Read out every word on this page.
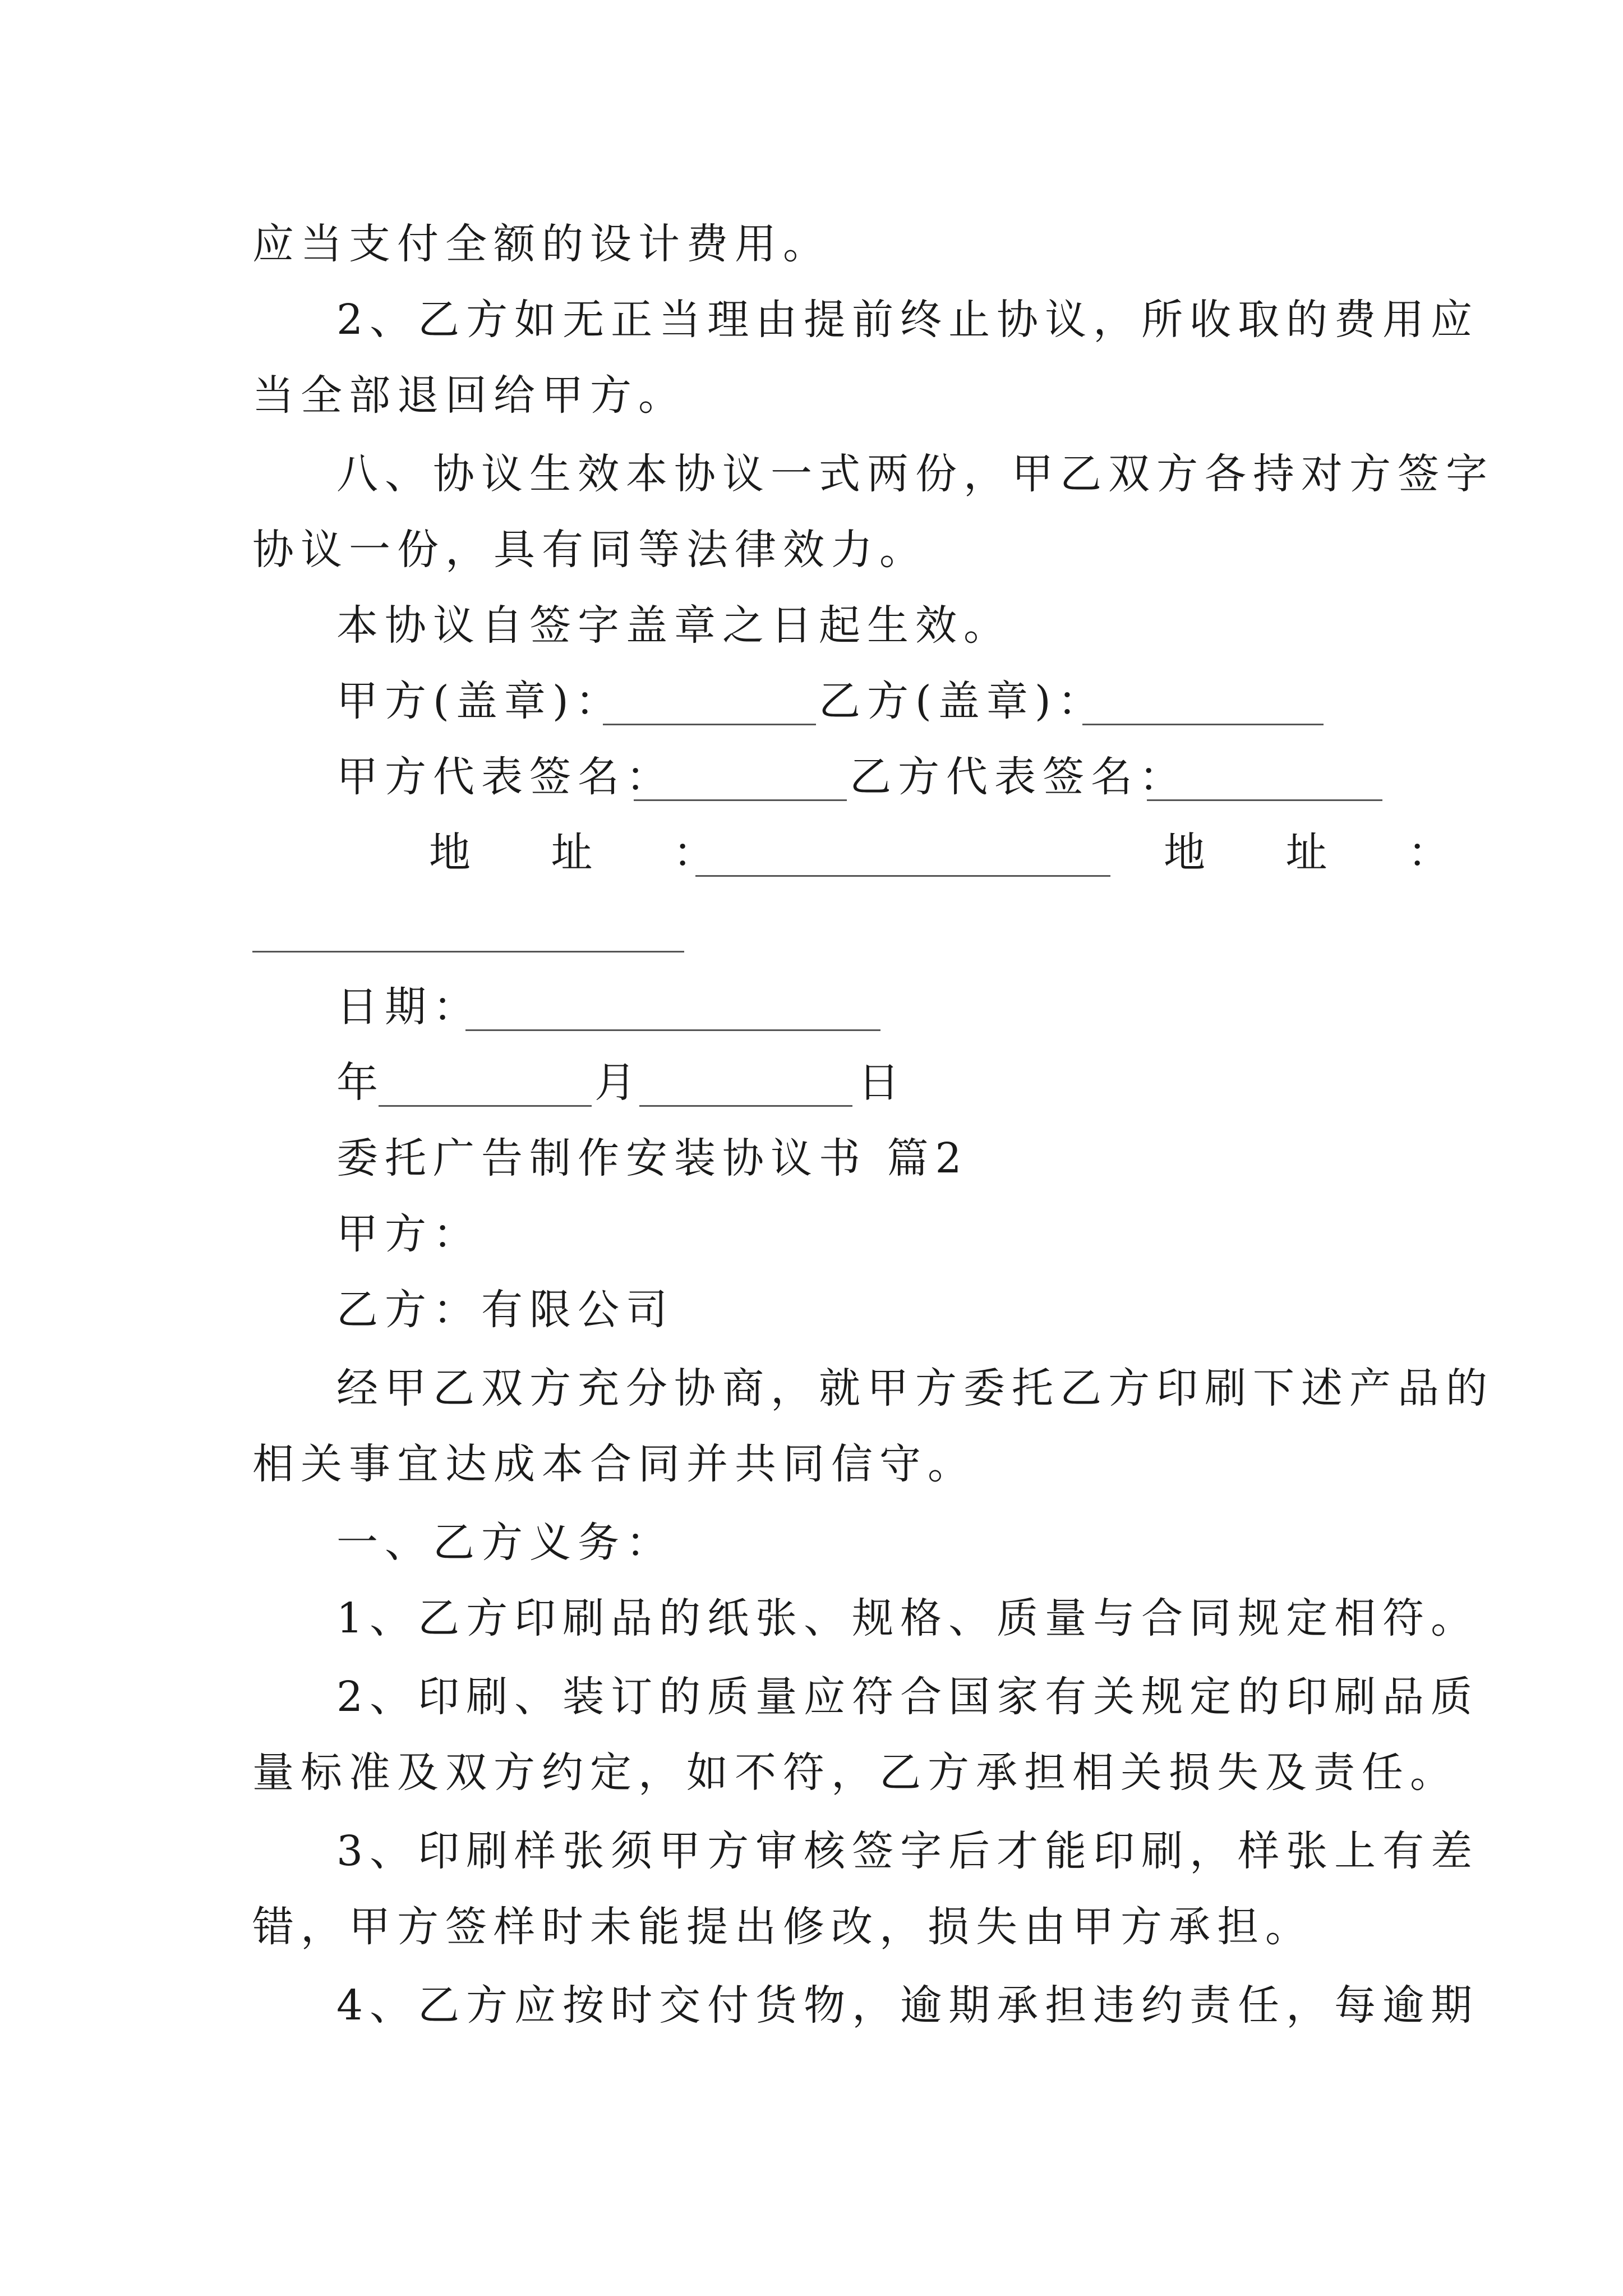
应当支付全额的设计费用。
2、乙方如无正当理由提前终止协议，所收取的费用应
当全部退回给甲方。
八、协议生效本协议一式两份，甲乙双方各持对方签字
协议一份，具有同等法律效力。
本协议自签字盖章之日起生效。
甲方(盖章)：	乙方(盖章)：
甲方代表签名：	乙方代表签名：
地 址 ：	地 址 ：
日期：
年	月	日
委托广告制作安装协议书 篇2
甲方：
乙方：有限公司
经甲乙双方充分协商，就甲方委托乙方印刷下述产品的
相关事宜达成本合同并共同信守。
一、乙方义务：
1、乙方印刷品的纸张、规格、质量与合同规定相符。
2、印刷、装订的质量应符合国家有关规定的印刷品质
量标准及双方约定，如不符，乙方承担相关损失及责任。
3、印刷样张须甲方审核签字后才能印刷，样张上有差
错，甲方签样时未能提出修改，损失由甲方承担。
4、乙方应按时交付货物，逾期承担违约责任，每逾期
